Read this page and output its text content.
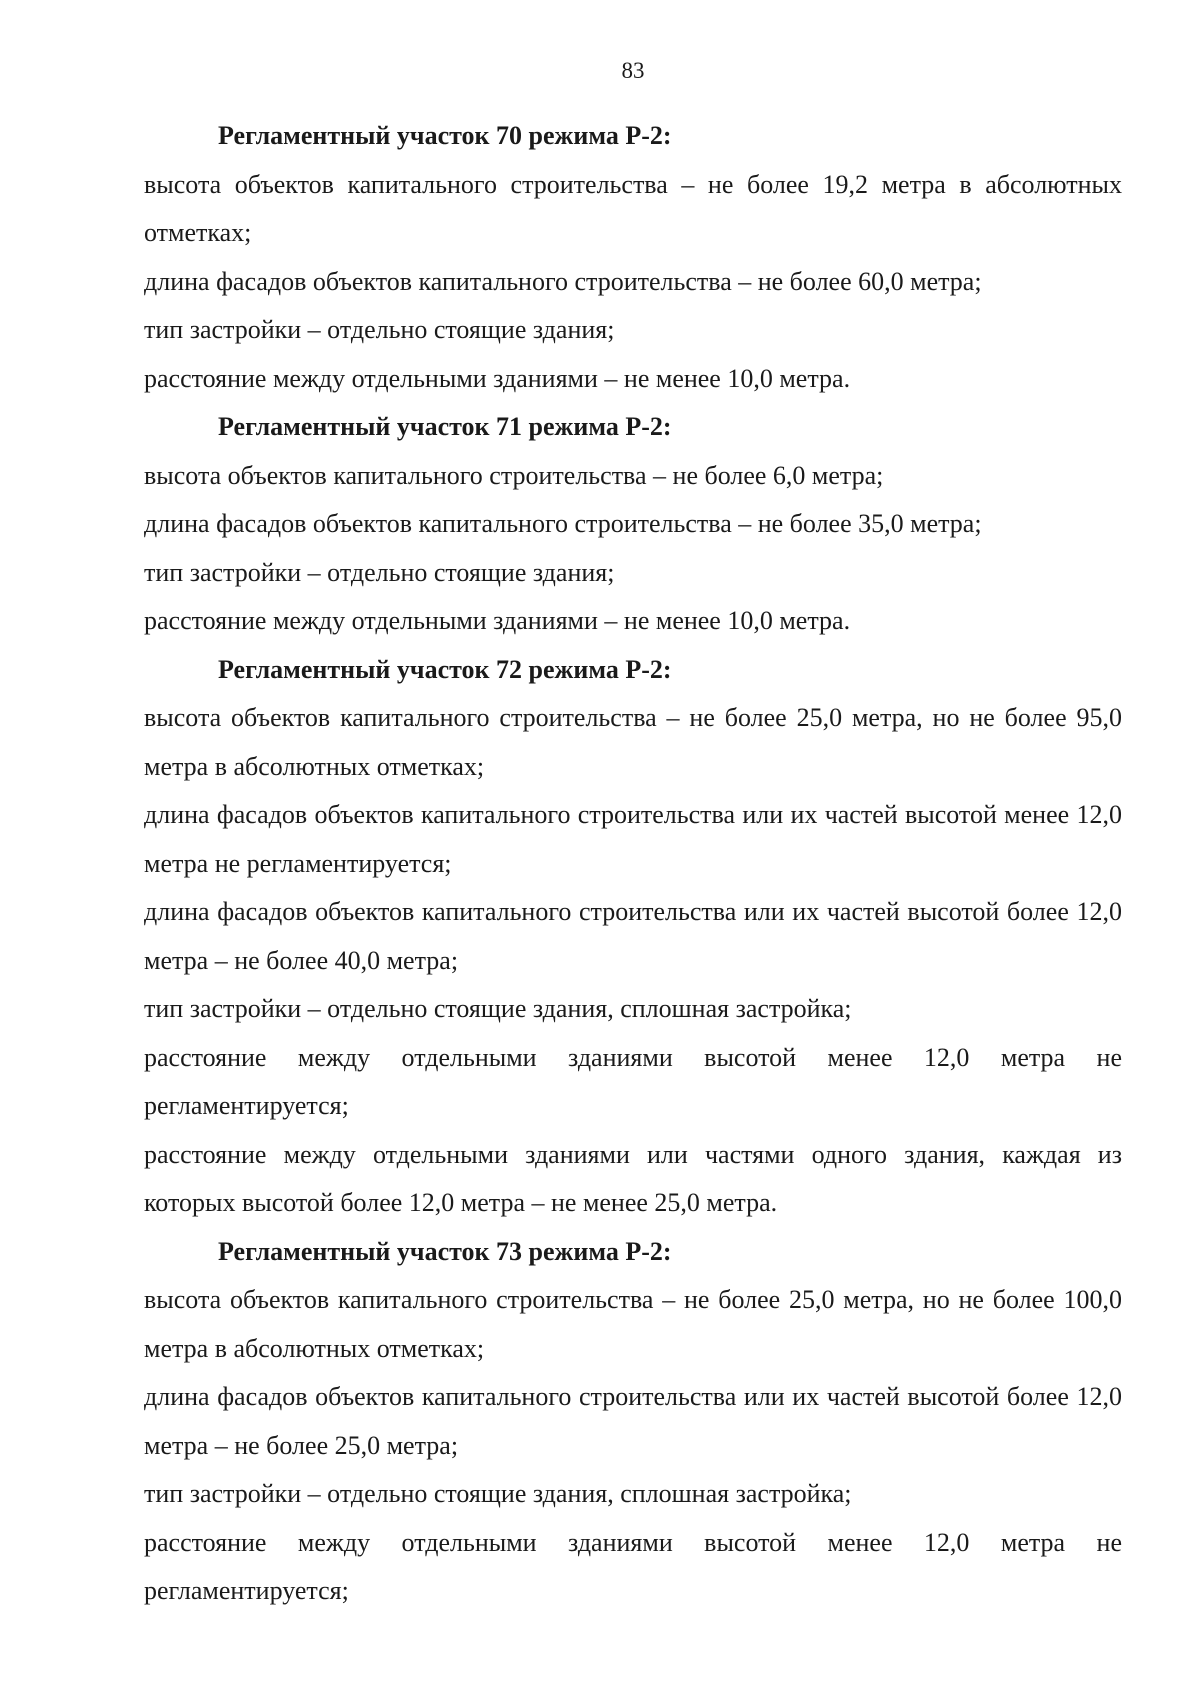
83

Регламентный участок 70 режима Р-2:

высота объектов капитального строительства – не более 19,2 метра в абсолютных отметках;

длина фасадов объектов капитального строительства – не более 60,0 метра;

тип застройки – отдельно стоящие здания;

расстояние между отдельными зданиями – не менее 10,0 метра.

Регламентный участок 71 режима Р-2:

высота объектов капитального строительства – не более 6,0 метра;

длина фасадов объектов капитального строительства – не более 35,0 метра;

тип застройки – отдельно стоящие здания;

расстояние между отдельными зданиями – не менее 10,0 метра.

Регламентный участок 72 режима Р-2:

высота объектов капитального строительства – не более 25,0 метра, но не более 95,0 метра в абсолютных отметках;

длина фасадов объектов капитального строительства или их частей высотой менее 12,0 метра не регламентируется;

длина фасадов объектов капитального строительства или их частей высотой более 12,0 метра – не более 40,0 метра;

тип застройки – отдельно стоящие здания, сплошная застройка;

расстояние между отдельными зданиями высотой менее 12,0 метра не регламентируется;

расстояние между отдельными зданиями или частями одного здания, каждая из которых высотой более 12,0 метра – не менее 25,0 метра.

Регламентный участок 73 режима Р-2:

высота объектов капитального строительства – не более 25,0 метра, но не более 100,0 метра в абсолютных отметках;

длина фасадов объектов капитального строительства или их частей высотой более 12,0 метра – не более 25,0 метра;

тип застройки – отдельно стоящие здания, сплошная застройка;

расстояние между отдельными зданиями высотой менее 12,0 метра не регламентируется;
